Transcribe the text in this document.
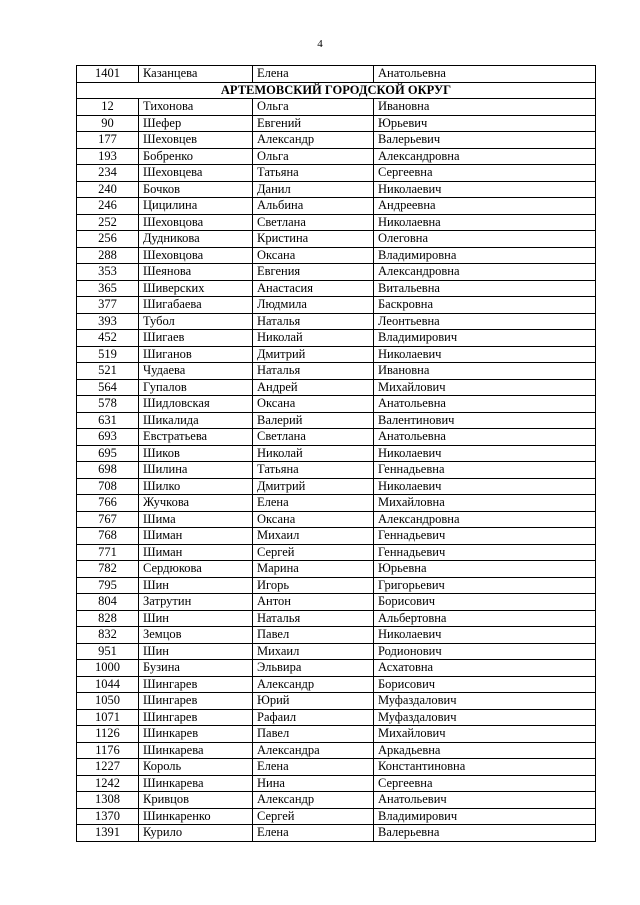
4
1401	Казанцева	Елена	Анатольевна
АРТЕМОВСКИЙ ГОРОДСКОЙ ОКРУГ			
12	Тихонова	Ольга	Ивановна
90	Шефер	Евгений	Юрьевич
177	Шеховцев	Александр	Валерьевич
193	Бобренко	Ольга	Александровна
234	Шеховцева	Татьяна	Сергеевна
240	Бочков	Данил	Николаевич
246	Цицилина	Альбина	Андреевна
252	Шеховцова	Светлана	Николаевна
256	Дудникова	Кристина	Олеговна
288	Шеховцова	Оксана	Владимировна
353	Шеянова	Евгения	Александровна
365	Шиверских	Анастасия	Витальевна
377	Шигабаева	Людмила	Баскровна
393	Тубол	Наталья	Леонтьевна
452	Шигаев	Николай	Владимирович
519	Шиганов	Дмитрий	Николаевич
521	Чудаева	Наталья	Ивановна
564	Гупалов	Андрей	Михайлович
578	Шидловская	Оксана	Анатольевна
631	Шикалида	Валерий	Валентинович
693	Евстратьева	Светлана	Анатольевна
695	Шиков	Николай	Николаевич
698	Шилина	Татьяна	Геннадьевна
708	Шилко	Дмитрий	Николаевич
766	Жучкова	Елена	Михайловна
767	Шима	Оксана	Александровна
768	Шиман	Михаил	Геннадьевич
771	Шиман	Сергей	Геннадьевич
782	Сердюкова	Марина	Юрьевна
795	Шин	Игорь	Григорьевич
804	Затрутин	Антон	Борисович
828	Шин	Наталья	Альбертовна
832	Земцов	Павел	Николаевич
951	Шин	Михаил	Родионович
1000	Бузина	Эльвира	Асхатовна
1044	Шингарев	Александр	Борисович
1050	Шингарев	Юрий	Муфаздалович
1071	Шингарев	Рафаил	Муфаздалович
1126	Шинкарев	Павел	Михайлович
1176	Шинкарева	Александра	Аркадьевна
1227	Король	Елена	Константиновна
1242	Шинкарева	Нина	Сергеевна
1308	Кривцов	Александр	Анатольевич
1370	Шинкаренко	Сергей	Владимирович
1391	Курило	Елена	Валерьевна
